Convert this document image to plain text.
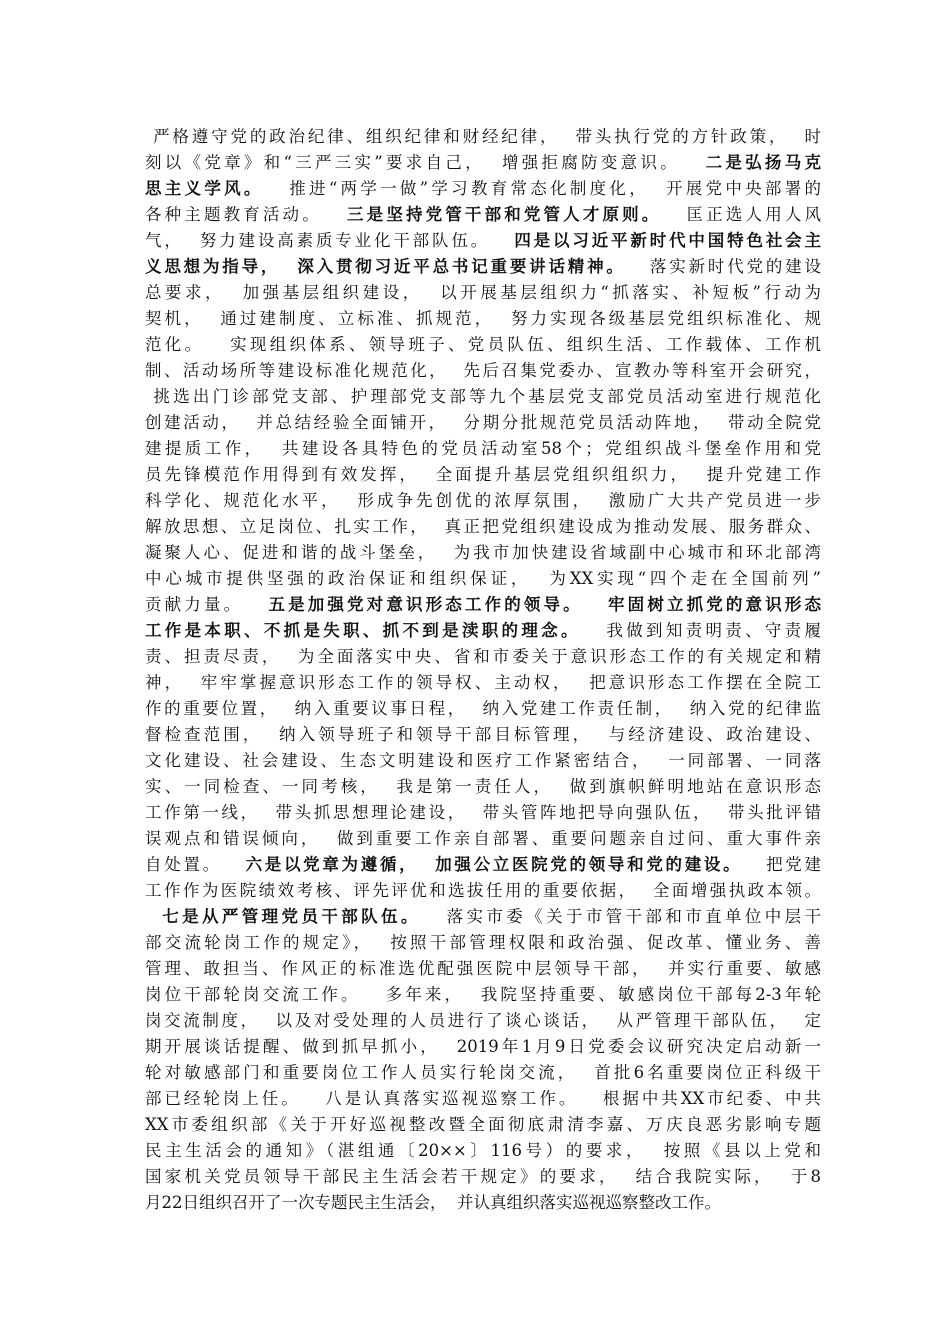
严格遵守党的政治纪律、组织纪律和财经纪律，  带头执行党的方针政策，  时
刻以《党章》和“三严三实”要求自己，  增强拒腐防变意识。   二是弘扬马克
思主义学风。   推进“两学一做”学习教育常态化制度化，  开展党中央部署的
各种主题教育活动。   三是坚持党管干部和党管人才原则。   匡正选人用人风
气，  努力建设高素质专业化干部队伍。   四是以习近平新时代中国特色社会主
义思想为指导，  深入贯彻习近平总书记重要讲话精神。   落实新时代党的建设
总要求，  加强基层组织建设，  以开展基层组织力“抓落实、补短板”行动为
契机，  通过建制度、立标准、抓规范，  努力实现各级基层党组织标准化、规
范化。   实现组织体系、领导班子、党员队伍、组织生活、工作载体、工作机
制、活动场所等建设标准化规范化，  先后召集党委办、宣教办等科室开会研究，
挑选出门诊部党支部、护理部党支部等九个基层党支部党员活动室进行规范化
创建活动，  并总结经验全面铺开，  分期分批规范党员活动阵地，  带动全院党
建提质工作，  共建设各具特色的党员活动室58个；党组织战斗堡垒作用和党
员先锋模范作用得到有效发挥，  全面提升基层党组织组织力，  提升党建工作
科学化、规范化水平，  形成争先创优的浓厚氛围，  激励广大共产党员进一步
解放思想、立足岗位、扎实工作，  真正把党组织建设成为推动发展、服务群众、
凝聚人心、促进和谐的战斗堡垒，  为我市加快建设省域副中心城市和环北部湾
中心城市提供坚强的政治保证和组织保证，  为XX实现“四个走在全国前列”
贡献力量。   五是加强党对意识形态工作的领导。 牢固树立抓党的意识形态
工作是本职、不抓是失职、抓不到是渎职的理念。   我做到知责明责、守责履
责、担责尽责，  为全面落实中央、省和市委关于意识形态工作的有关规定和精
神，  牢牢掌握意识形态工作的领导权、主动权，  把意识形态工作摆在全院工
作的重要位置，  纳入重要议事日程，  纳入党建工作责任制，  纳入党的纪律监
督检查范围，  纳入领导班子和领导干部目标管理，  与经济建设、政治建设、
文化建设、社会建设、生态文明建设和医疗工作紧密结合，  一同部署、一同落
实、一同检查、一同考核，  我是第一责任人，  做到旗帜鲜明地站在意识形态
工作第一线，  带头抓思想理论建设，  带头管阵地把导向强队伍，  带头批评错
误观点和错误倾向，  做到重要工作亲自部署、重要问题亲自过问、重大事件亲
自处置。   六是以党章为遵循，  加强公立医院党的领导和党的建设。   把党建
工作作为医院绩效考核、评先评优和选拔任用的重要依据，  全面增强执政本领。
七是从严管理党员干部队伍。   落实市委《关于市管干部和市直单位中层干
部交流轮岗工作的规定》，  按照干部管理权限和政治强、促改革、懂业务、善
管理、敢担当、作风正的标准选优配强医院中层领导干部，  并实行重要、敏感
岗位干部轮岗交流工作。   多年来，  我院坚持重要、敏感岗位干部每2-3年轮
岗交流制度，  以及对受处理的人员进行了谈心谈话，  从严管理干部队伍，  定
期开展谈话提醒、做到抓早抓小，  2019年1月9日党委会议研究决定启动新一
轮对敏感部门和重要岗位工作人员实行轮岗交流，  首批6名重要岗位正科级干
部已经轮岗上任。   八是认真落实巡视巡察工作。   根据中共XX市纪委、中共
XX市委组织部《关于开好巡视整改暨全面彻底肃清李嘉、万庆良恶劣影响专题
民主生活会的通知》（湛组通〔20××〕116号）的要求，  按照《县以上党和
国家机关党员领导干部民主生活会若干规定》的要求，  结合我院实际，  于8
月22日组织召开了一次专题民主生活会，  并认真组织落实巡视巡察整改工作。
